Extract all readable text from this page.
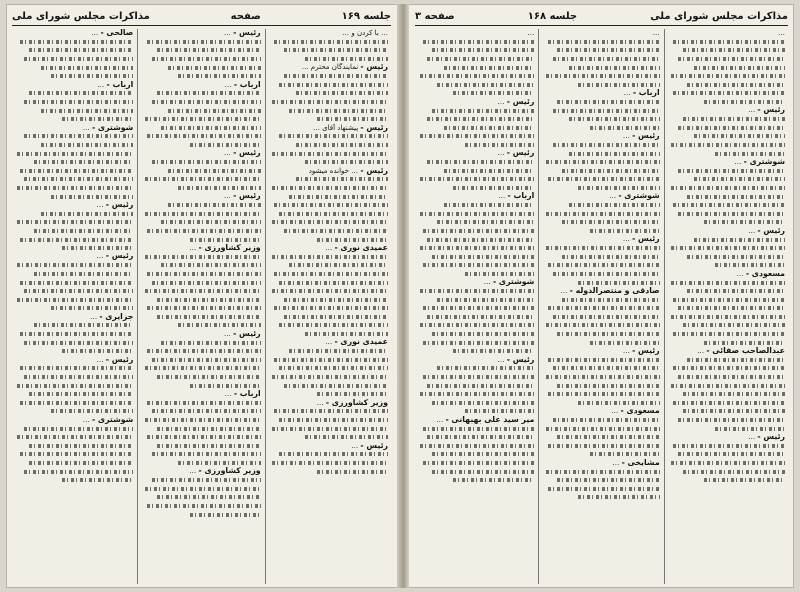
جلسه ۱۶۹
صفحه
مذاکرات مجلس شورای ملی
… با کردن و …
رئیس - نمایندگان محترم …
رئیس - پیشنهاد آقای …
رئیس - … خوانده میشود
عمیدی نوری - …
عمیدی نوری - …
وزیر کشاورزی - …
رئیس - …
رئیس - …
ارباب - …
رئیس - …
رئیس - …
وزیر کشاورزی - …
رئیس - …
ارباب - …
وزیر کشاورزی - …
صالحی - …
ارباب - …
شوشتری - …
رئیس - …
رئیس - …
جزایری - …
رئیس - …
شوشتری - …
مذاکرات مجلس شورای ملی
جلسه ۱۶۸
صفحه ۳
…
رئیس - …
شوشتری - …
رئیس - …
مسعودی - …
عبدالصاحب صفائی - …
رئیس - …
…
ارباب - …
رئیس - …
شوشتری - …
رئیس - …
صادقی و منتصرالدوله - …
رئیس - …
مسعودی - …
مشایخی - …
…
رئیس - …
رئیس - …
ارباب - …
شوشتری - …
رئیس - …
میر سید علی بهبهانی - …
